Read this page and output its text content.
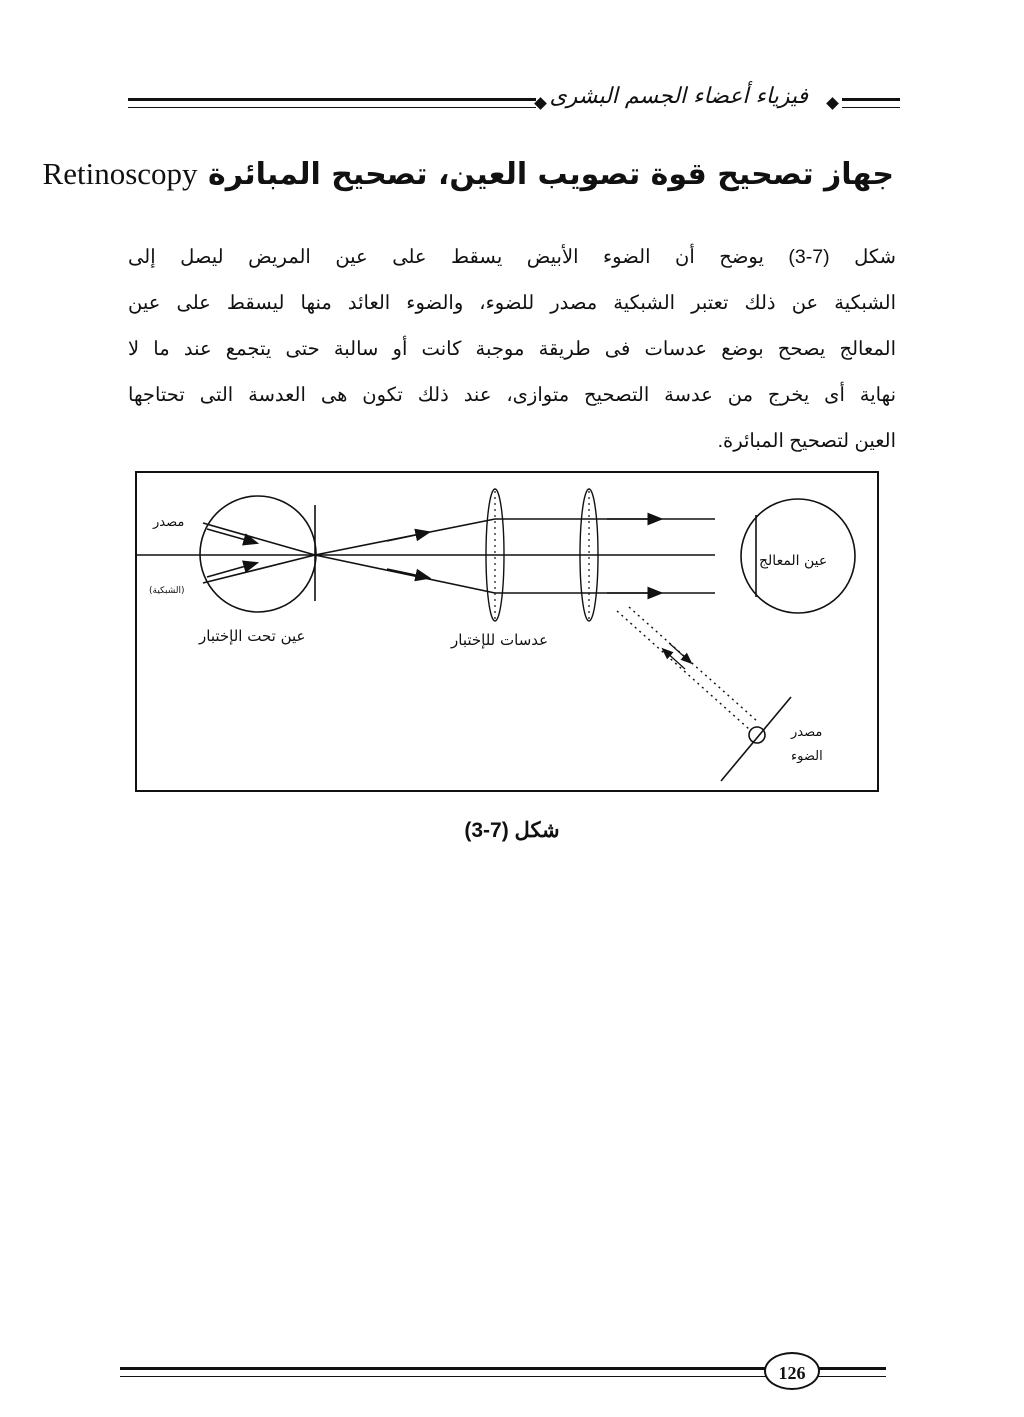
فيزياء أعضاء الجسم البشرى
جهاز تصحيح قوة تصويب العين، تصحيح المبائرة Retinoscopy
شكل (7-3) يوضح أن الضوء الأبيض يسقط على عين المريض ليصل إلى
الشبكية عن ذلك تعتبر الشبكية مصدر للضوء، والضوء العائد منها ليسقط على عين
المعالج يصحح بوضع عدسات فى طريقة موجبة كانت أو سالبة حتى يتجمع عند ما لا
نهاية أى يخرج من عدسة التصحيح متوازى، عند ذلك تكون هى العدسة التى تحتاجها
العين لتصحيح المبائرة.
مصدر
(الشبكية)
عين تحت الإختبار	عدسات للإختبار
عين المعالج
مصدر
الضوء
شكل (7-3)
126
